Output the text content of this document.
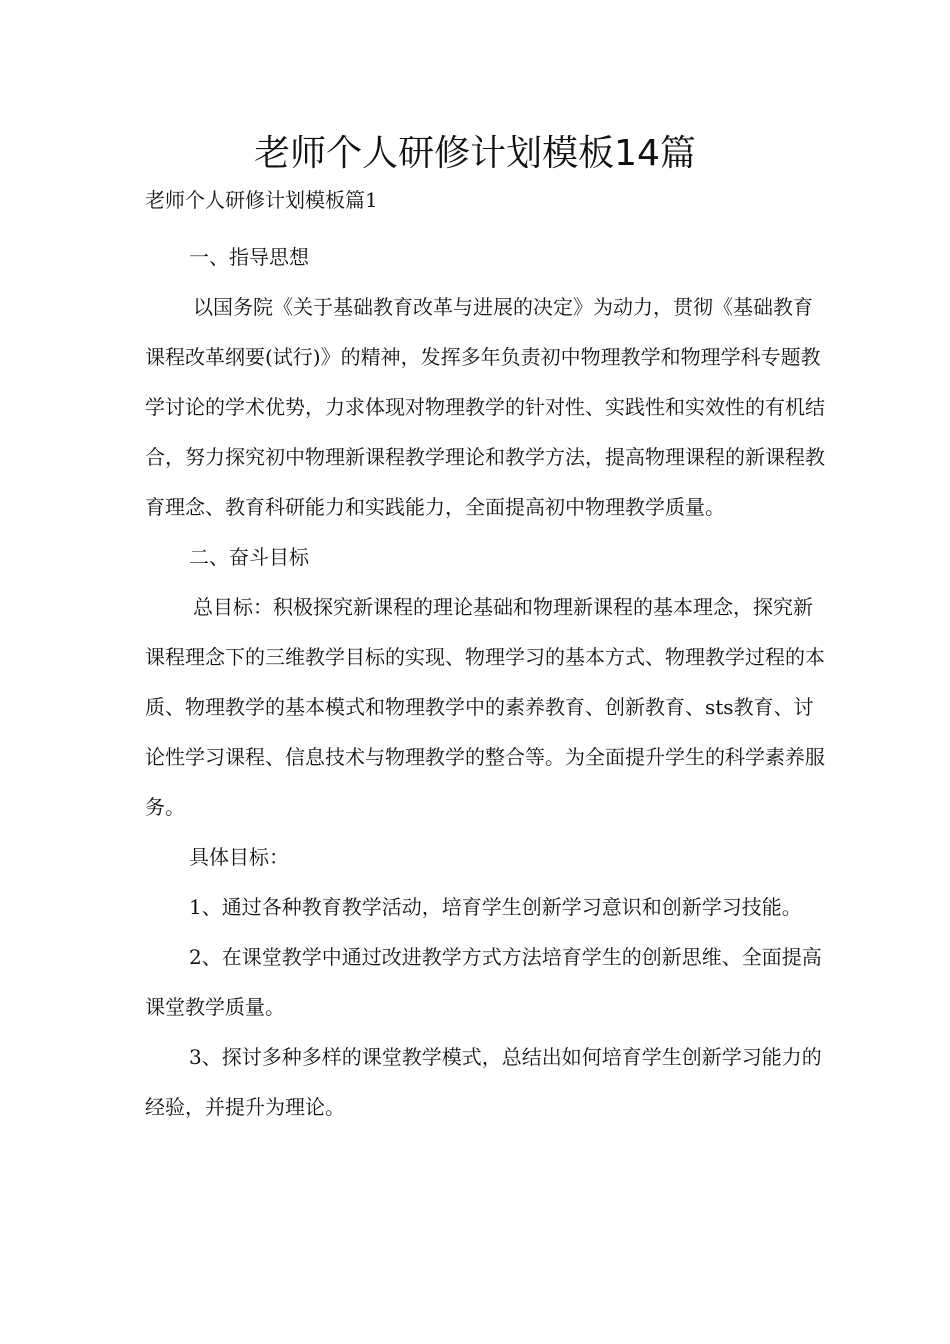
老师个人研修计划模板14篇

老师个人研修计划模板篇1

一、指导思想

以国务院《关于基础教育改革与进展的决定》为动力，贯彻《基础教育课程改革纲要(试行)》的精神，发挥多年负责初中物理教学和物理学科专题教学讨论的学术优势，力求体现对物理教学的针对性、实践性和实效性的有机结合，努力探究初中物理新课程教学理论和教学方法，提高物理课程的新课程教育理念、教育科研能力和实践能力，全面提高初中物理教学质量。

二、奋斗目标

总目标：积极探究新课程的理论基础和物理新课程的基本理念，探究新课程理念下的三维教学目标的实现、物理学习的基本方式、物理教学过程的本质、物理教学的基本模式和物理教学中的素养教育、创新教育、sts教育、讨论性学习课程、信息技术与物理教学的整合等。为全面提升学生的科学素养服务。

具体目标：

1、通过各种教育教学活动，培育学生创新学习意识和创新学习技能。

2、在课堂教学中通过改进教学方式方法培育学生的创新思维、全面提高课堂教学质量。

3、探讨多种多样的课堂教学模式，总结出如何培育学生创新学习能力的经验，并提升为理论。
